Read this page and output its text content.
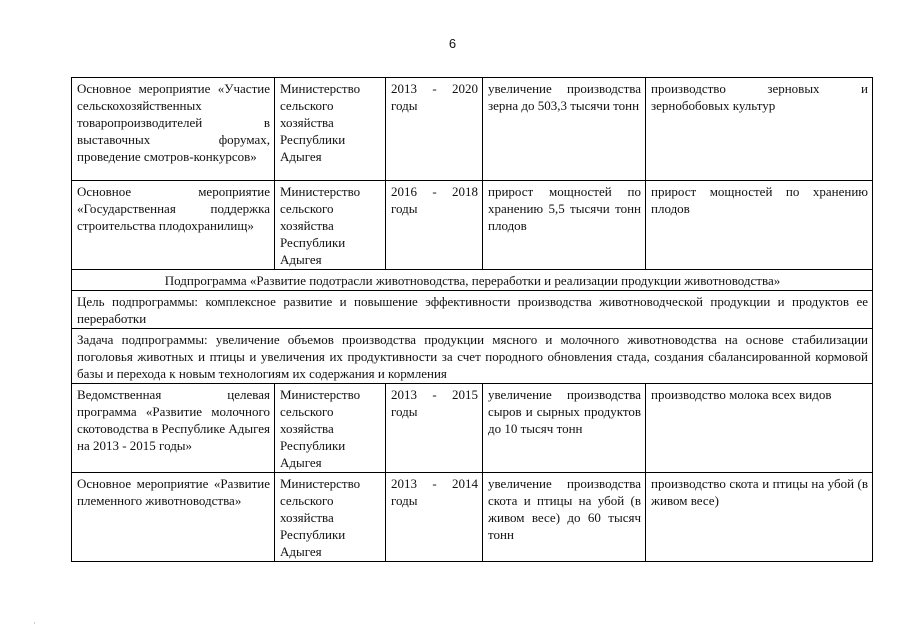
6
Основное мероприятие «Участие сельскохозяйственных товаропроизводителей в выставочных форумах, проведение смотров-конкурсов»	Министерство сельского хозяйства Республики Адыгея	2013 - 2020 годы	увеличение производства зерна до 503,3 тысячи тонн	производство зерновых и зернобобовых культур
Основное мероприятие «Государственная поддержка строительства плодохранилищ»	Министерство сельского хозяйства Республики Адыгея	2016 - 2018 годы	прирост мощностей по хранению 5,5 тысячи тонн плодов	прирост мощностей по хранению плодов
Подпрограмма «Развитие подотрасли животноводства, переработки и реализации продукции животноводства»				
Цель подпрограммы: комплексное развитие и повышение эффективности производства животноводческой продукции и продуктов ее переработки				
Задача подпрограммы: увеличение объемов производства продукции мясного и молочного животноводства на основе стабилизации поголовья животных и птицы и увеличения их продуктивности за счет породного обновления стада, создания сбалансированной кормовой базы и перехода к новым технологиям их содержания и кормления				
Ведомственная целевая программа «Развитие молочного скотоводства в Республике Адыгея на 2013 - 2015 годы»	Министерство сельского хозяйства Республики Адыгея	2013 - 2015 годы	увеличение производства сыров и сырных продуктов до 10 тысяч тонн	производство молока всех видов
Основное мероприятие «Развитие племенного животноводства»	Министерство сельского хозяйства Республики Адыгея	2013 - 2014 годы	увеличение производства скота и птицы на убой (в живом весе) до 60 тысяч тонн	производство скота и птицы на убой (в живом весе)
·
